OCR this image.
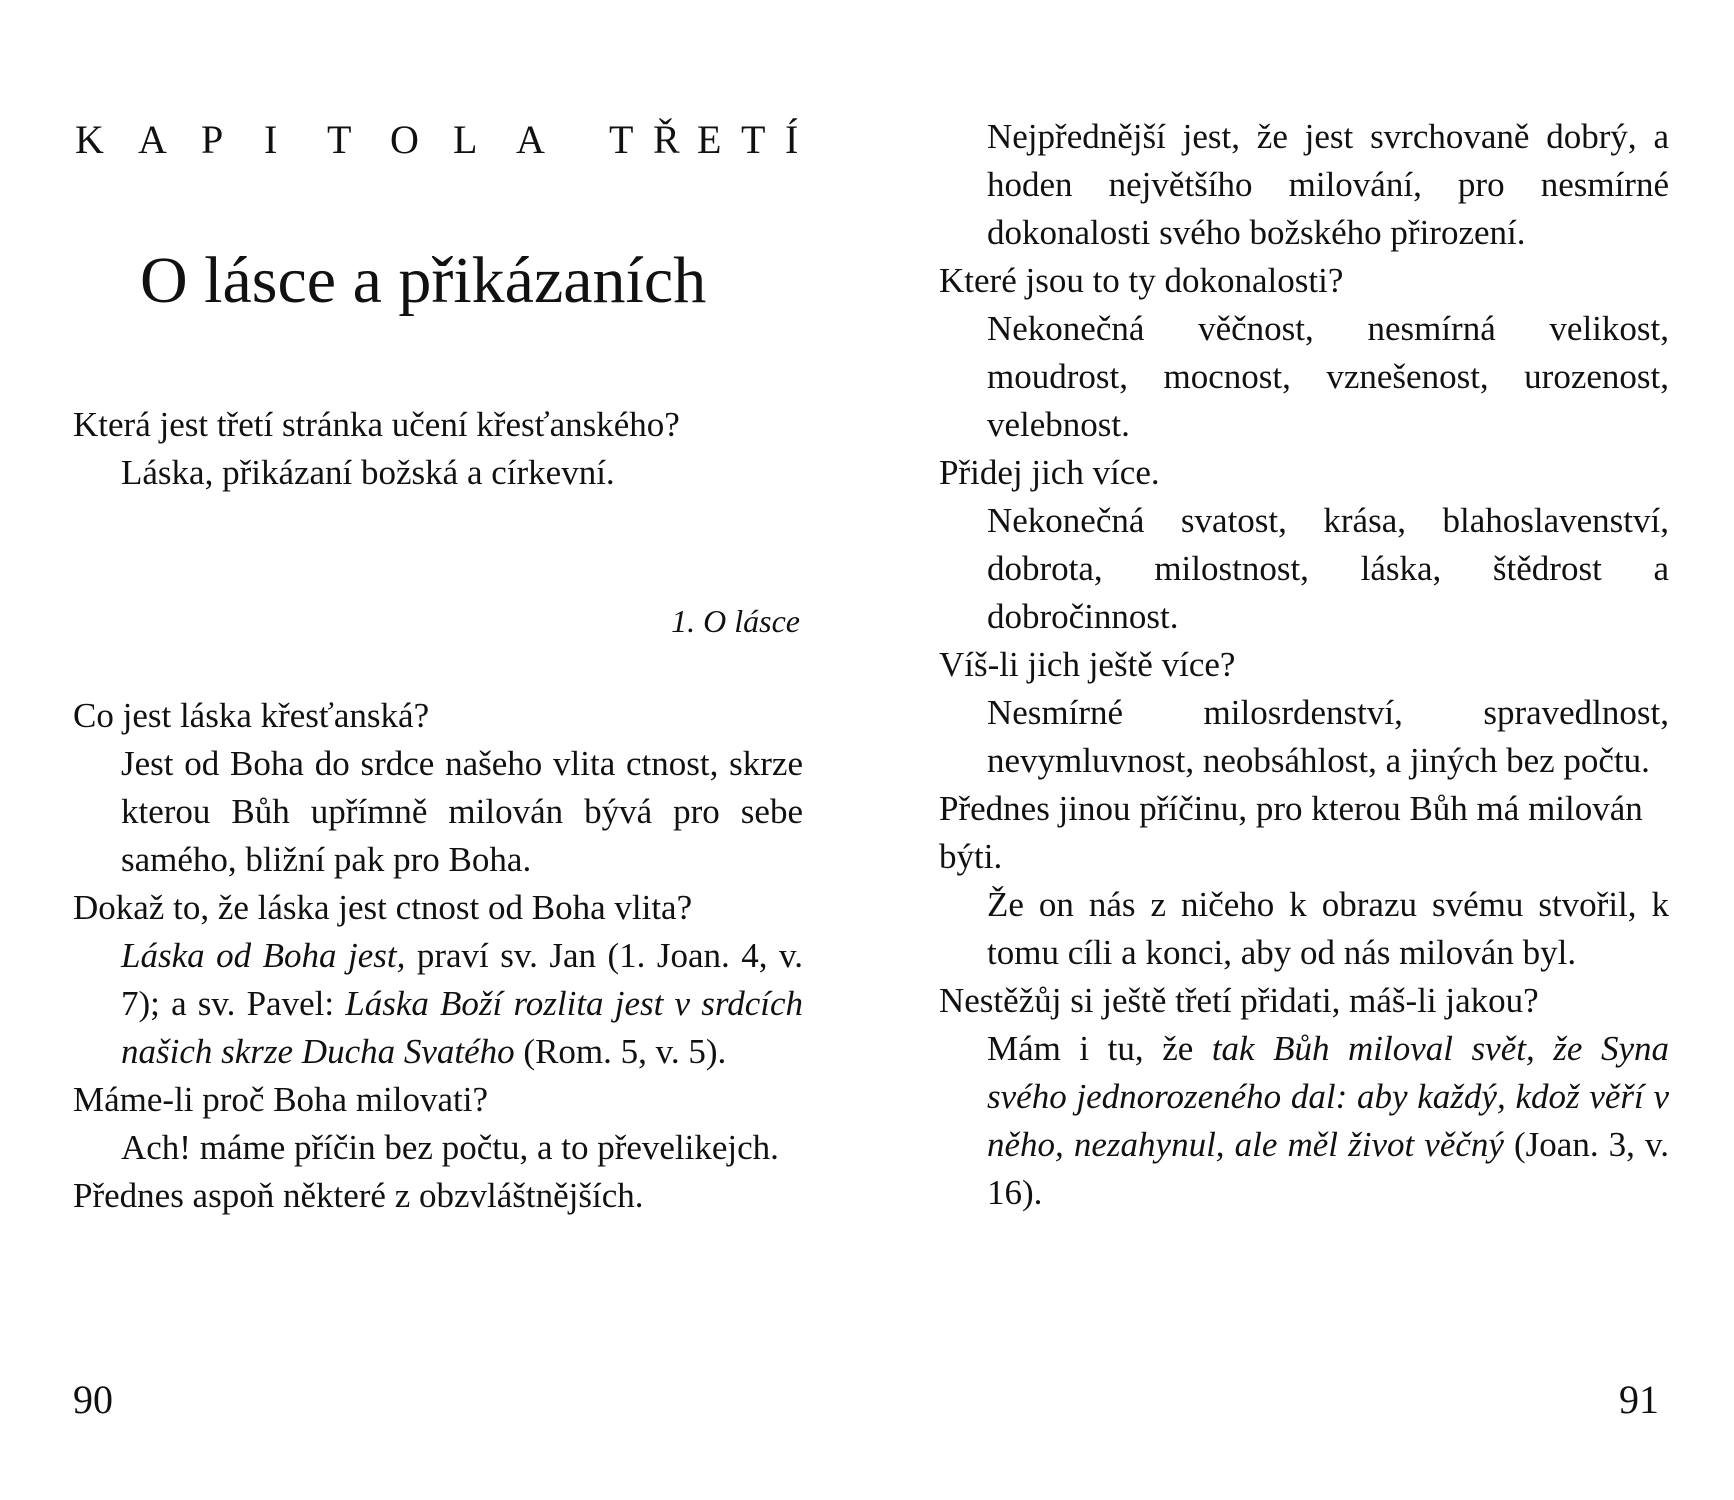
K A P I T O L A T Ř E T Í
O lásce a přikázaních

Která jest třetí stránka učení křesťanského?

Láska, přikázaní božská a církevní.

1. O lásce

Co jest láska křesťanská?

Jest od Boha do srdce našeho vlita ctnost, skrze kterou Bůh upřímně milován bývá pro sebe samého, bližní pak pro Boha.

Dokaž to, že láska jest ctnost od Boha vlita?

Láska od Boha jest, praví sv. Jan (1. Joan. 4, v. 7); a sv. Pavel: Láska Boží rozlita jest v srdcích našich skrze Ducha Svatého (Rom. 5, v. 5).

Máme-li proč Boha milovati?

Ach! máme příčin bez počtu, a to převelikejch.

Přednes aspoň některé z obzvláštnějších.

90

Nejpřednější jest, že jest svrchovaně dobrý, a hoden největšího milování, pro nesmírné dokonalosti svého božského přirození.

Které jsou to ty dokonalosti?

Nekonečná věčnost, nesmírná velikost, moudrost, mocnost, vznešenost, urozenost, velebnost.

Přidej jich více.

Nekonečná svatost, krása, blahoslavenství, dobrota, milostnost, láska, štědrost a dobročinnost.

Víš-li jich ještě více?

Nesmírné milosrdenství, spravedlnost, nevymluvnost, neobsáhlost, a jiných bez počtu.

Přednes jinou příčinu, pro kterou Bůh má milován býti.

Že on nás z ničeho k obrazu svému stvořil, k tomu cíli a konci, aby od nás milován byl.

Nestěžůj si ještě třetí přidati, máš-li jakou?

Mám i tu, že tak Bůh miloval svět, že Syna svého jednorozeného dal: aby každý, kdož věří v něho, nezahynul, ale měl život věčný (Joan. 3, v. 16).

91
